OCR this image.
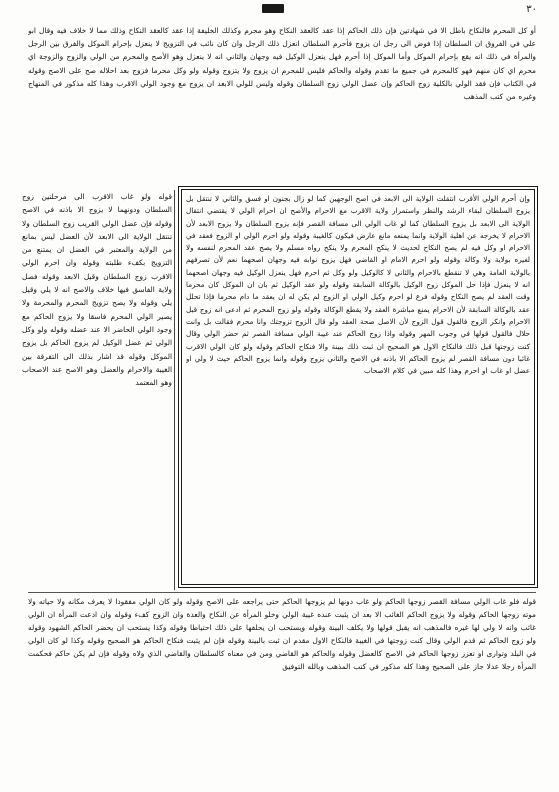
٣٠

أو كل المحرم فالنكاح باطل الا في شهادتين فإن ذلك الحاكم إذا عقد كالعقد النكاح وهو محرم وكذلك الخليفة إذا عقد كالعقد النكاح وذلك مما لا خلاف فيه وقال ابو علي في الفروق ان السلطان إذا فوض الى رجل ان يزوج فأحرم السلطان انعزل ذلك الرجل وان كان نائب في التزويج لا ينعزل بإحرام الموكل والفرق بين الرجل والمرأة في ذلك انه يقع بإحرام الموكل وأما الموكل إذا أحرم فهل ينعزل الوكيل فيه وجهان والثاني انه لا ينعزل وهو الأصح والمحرم من الولي والزوج والزوجة اي محرم اي كان منهم فهو كالمحرم في جميع ما تقدم وقوله والحاكم فليس للمحرم ان يزوج ولا يتزوج وقوله ولو وكل محرما فزوج بعد احلاله صح على الاصح وقوله في الكتاب فإن فقد الولي بالكلية زوج الحاكم وإن عضل الولي زوج السلطان وقوله وليس للولي الابعد ان يزوج مع وجود الولي الاقرب وهذا كله مذكور في المنهاج وغيره من كتب المذهب

وإن أحرم الولي الأقرب انتقلت الولاية الى الابعد في اصح الوجهين كما لو زال بجنون او فسق والثاني لا تنتقل بل يزوج السلطان لبقاء الرشد والنظر واستمرار ولاية الاقرب مع الاحرام والأصح ان احرام الولي لا يقتضي انتقال الولاية الى الابعد بل يزوج السلطان كما لو غاب الولي الى مسافة القصر فإنه يزوج السلطان ولا يزوج الابعد لأن الاحرام لا يخرجه عن اهلية الولاية وانما يمنعه مانع عارض فيكون كالغيبة وقوله ولو احرم الولي او الزوج فعقد في الاحرام او وكل فيه لم يصح النكاح لحديث لا ينكح المحرم ولا ينكح رواه مسلم ولا يصح عقد المحرم لنفسه ولا لغيره بولاية ولا وكالة وقوله ولو احرم الامام او القاضي فهل يزوج نوابه فيه وجهان اصحهما نعم لأن تصرفهم بالولاية العامة وهي لا تنقطع بالاحرام والثاني لا كالوكيل ولو وكل ثم احرم فهل ينعزل الوكيل فيه وجهان اصحهما انه لا ينعزل فإذا حل الموكل زوج الوكيل بالوكالة السابقة وقوله ولو عقد الوكيل ثم بان ان الموكل كان محرما وقت العقد لم يصح النكاح وقوله فرع لو احرم وكيل الولي او الزوج لم يكن له ان يعقد ما دام محرما فإذا تحلل عقد بالوكالة السابقة لأن الاحرام يمنع مباشرة العقد ولا يقطع الوكالة وقوله ولو زوج المحرم ثم ادعى انه زوج قبل الاحرام وانكر الزوج فالقول قول الزوج لأن الاصل صحة العقد ولو قال الزوج تزوجتك وانا محرم فقالت بل وانت حلال فالقول قولها في وجوب المهر وقوله واذا زوج الحاكم عند غيبة الولي مسافة القصر ثم حضر الولي وقال كنت زوجتها قبل ذلك فالنكاح الاول هو الصحيح ان ثبت ذلك ببينة والا فنكاح الحاكم وقوله ولو كان الولي الاقرب غائبا دون مسافة القصر لم يزوج الحاكم الا باذنه في الاصح والثاني يزوج وقوله وانما يزوج الحاكم حيث لا ولي او عضل او غاب او احرم وهذا كله مبين في كلام الاصحاب

قوله ولو غاب الاقرب الى مرحلتين زوج السلطان ودونهما لا يزوج الا باذنه في الاصح وقوله فإن عضل الولي القريب زوج السلطان ولا تنتقل الولاية الى الابعد لأن العضل ليس بمانع من الولاية والمعتبر في العضل ان يمتنع من التزويج بكفء طلبته وقوله وان احرم الولي الاقرب زوج السلطان وقيل الابعد وقوله فصل ولاية الفاسق فيها خلاف والاصح انه لا يلي وقيل يلي وقوله ولا يصح تزويج المحرم والمحرمة ولا يصير الولي المحرم فاسقا ولا يزوج الحاكم مع وجود الولي الحاضر الا عند عضله وقوله ولو وكل الولي ثم عضل الوكيل لم يزوج الحاكم بل يزوج الموكل وقوله قد اشار بذلك الى التفرقة بين الغيبة والاحرام والعضل وهو الاصح عند الاصحاب وهو المعتمد

قوله فلو غاب الولي مسافة القصر زوجها الحاكم ولو غاب دونها لم يزوجها الحاكم حتى يراجعه على الاصح وقوله ولو كان الولي مفقودا لا يعرف مكانه ولا حياته ولا موته زوجها الحاكم وقوله ولا يزوج الحاكم الغائب الا بعد ان يثبت عنده غيبة الولي وخلو المرأة عن النكاح والعدة وان الزوج كفء وقوله وان ادعت المرأة ان الولي غائب وانه لا ولي لها غيره فالمذهب انه يقبل قولها ولا يكلف البينة وقوله ويستحب ان يحلفها على ذلك احتياطا وقوله وكذا يستحب ان يحضر الحاكم الشهود وقوله ولو زوج الحاكم ثم قدم الولي وقال كنت زوجتها في الغيبة فالنكاح الاول مقدم ان ثبت بالبينة وقوله فإن لم يثبت فنكاح الحاكم هو الصحيح وقوله وكذا لو كان الولي في البلد وتوارى او تعزز زوجها الحاكم في الاصح كالعضل وقوله والحاكم هو القاضي ومن في معناه كالسلطان والقاضي الذي ولاه وقوله فإن لم يكن حاكم فحكمت المرأة رجلا عدلا جاز على الصحيح وهذا كله مذكور في كتب المذهب وبالله التوفيق
